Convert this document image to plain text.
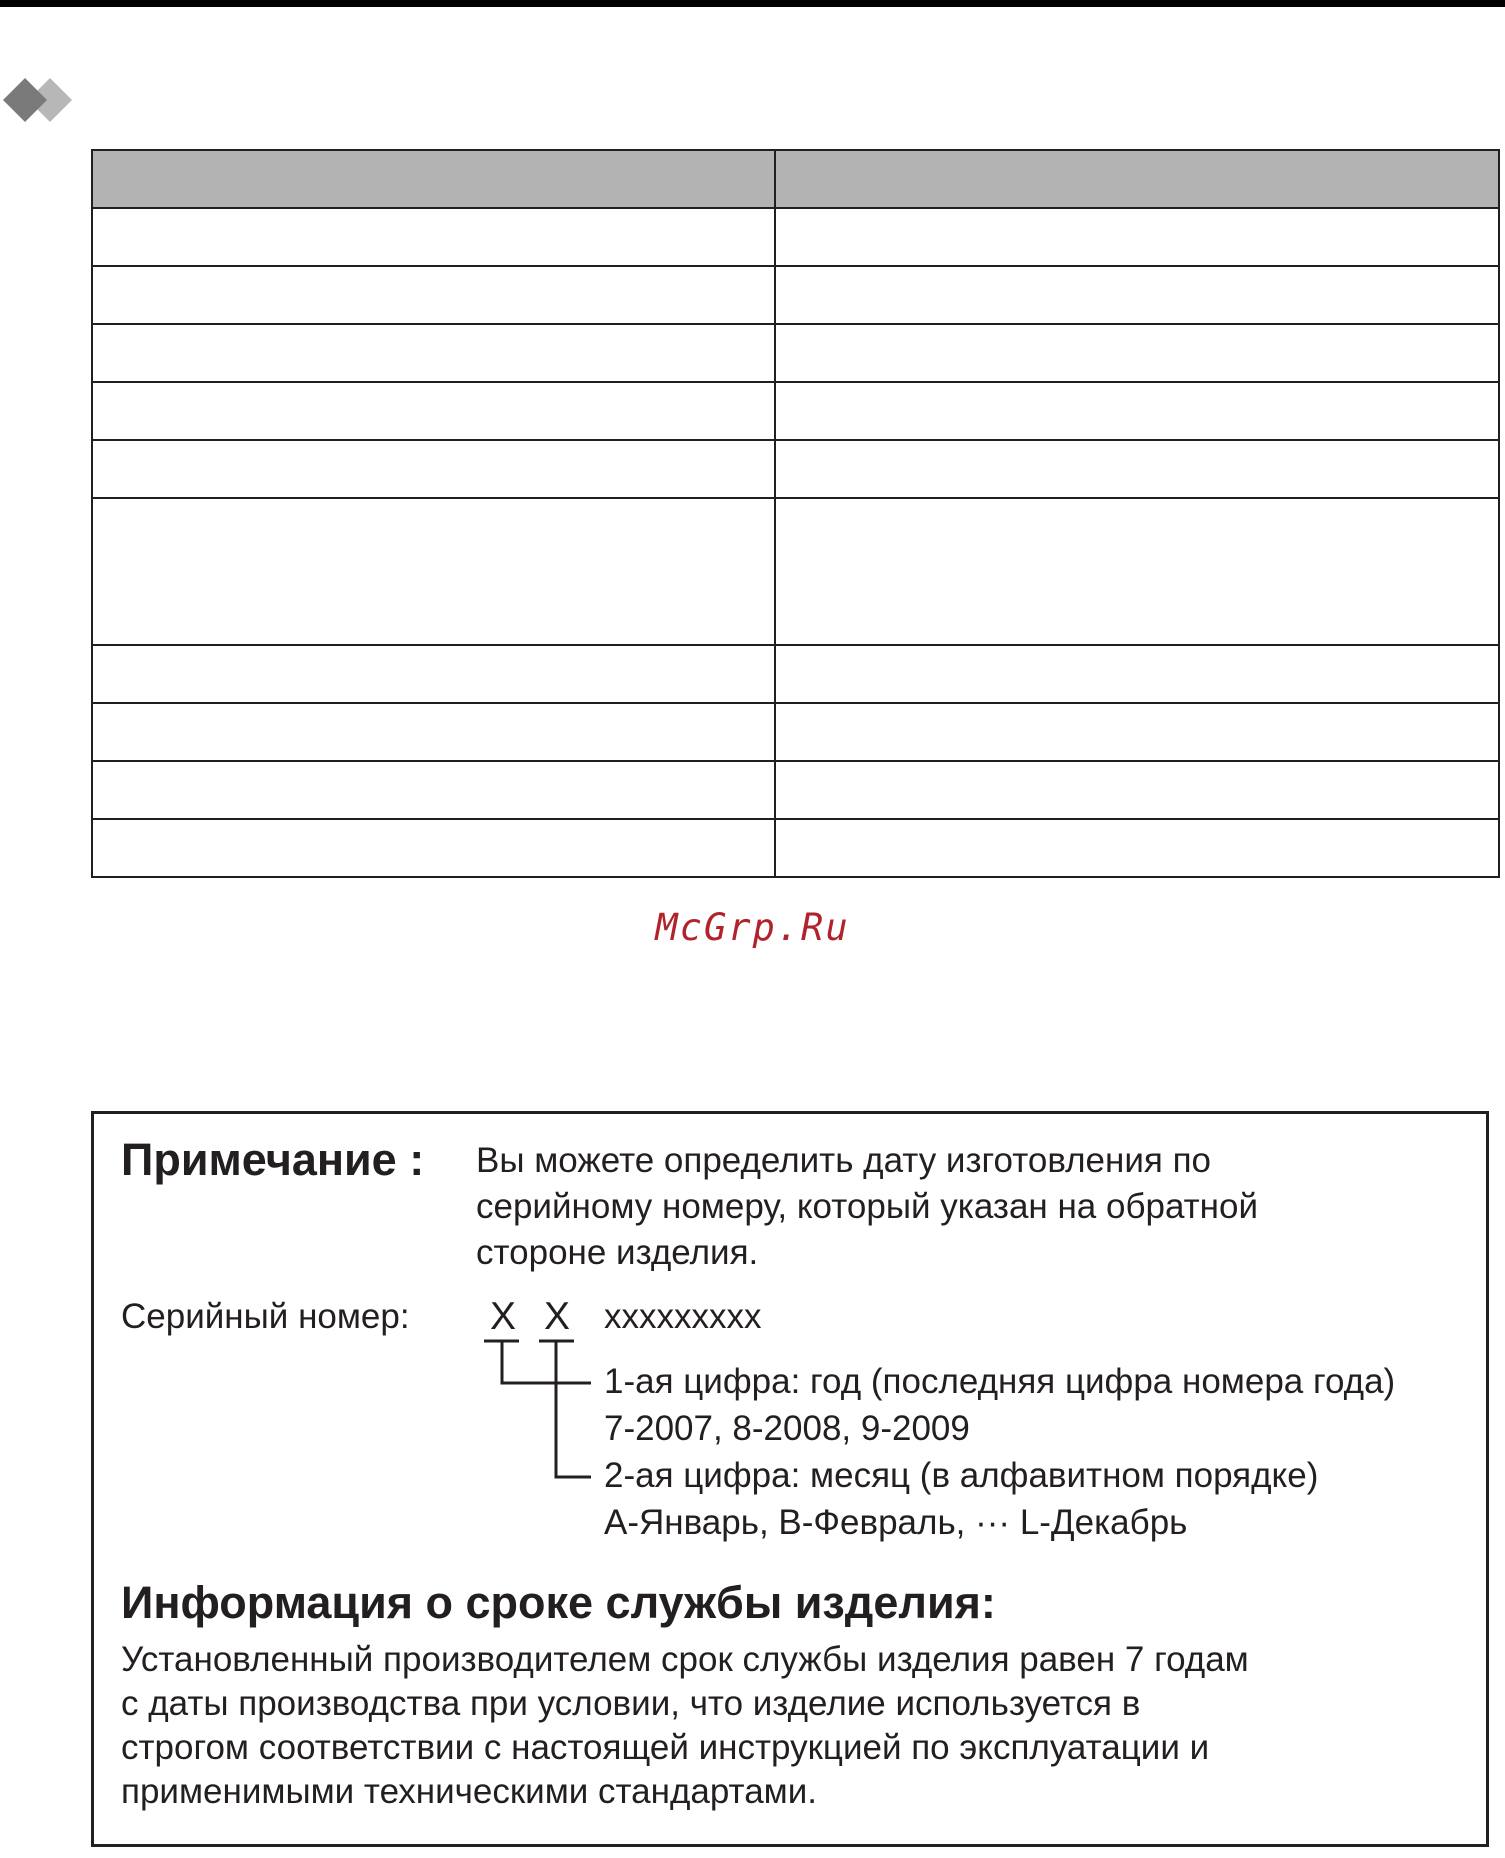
McGrp.Ru
Примечание : Вы можете определить дату изготовления по
серийному номеру, который указан на обратной
стороне изделия.
Серийный номер: X X xxxxxxxxx
1-ая цифра: год (последняя цифра номера года)
7-2007, 8-2008, 9-2009
2-ая цифра: месяц (в алфавитном порядке)
A-Январь, B-Февраль, ··· L-Декабрь
Информация о сроке службы изделия:
Установленный производителем срок службы изделия равен 7 годам
с даты производства при условии, что изделие используется в
строгом соответствии с настоящей инструкцией по эксплуатации и
применимыми техническими стандартами.
